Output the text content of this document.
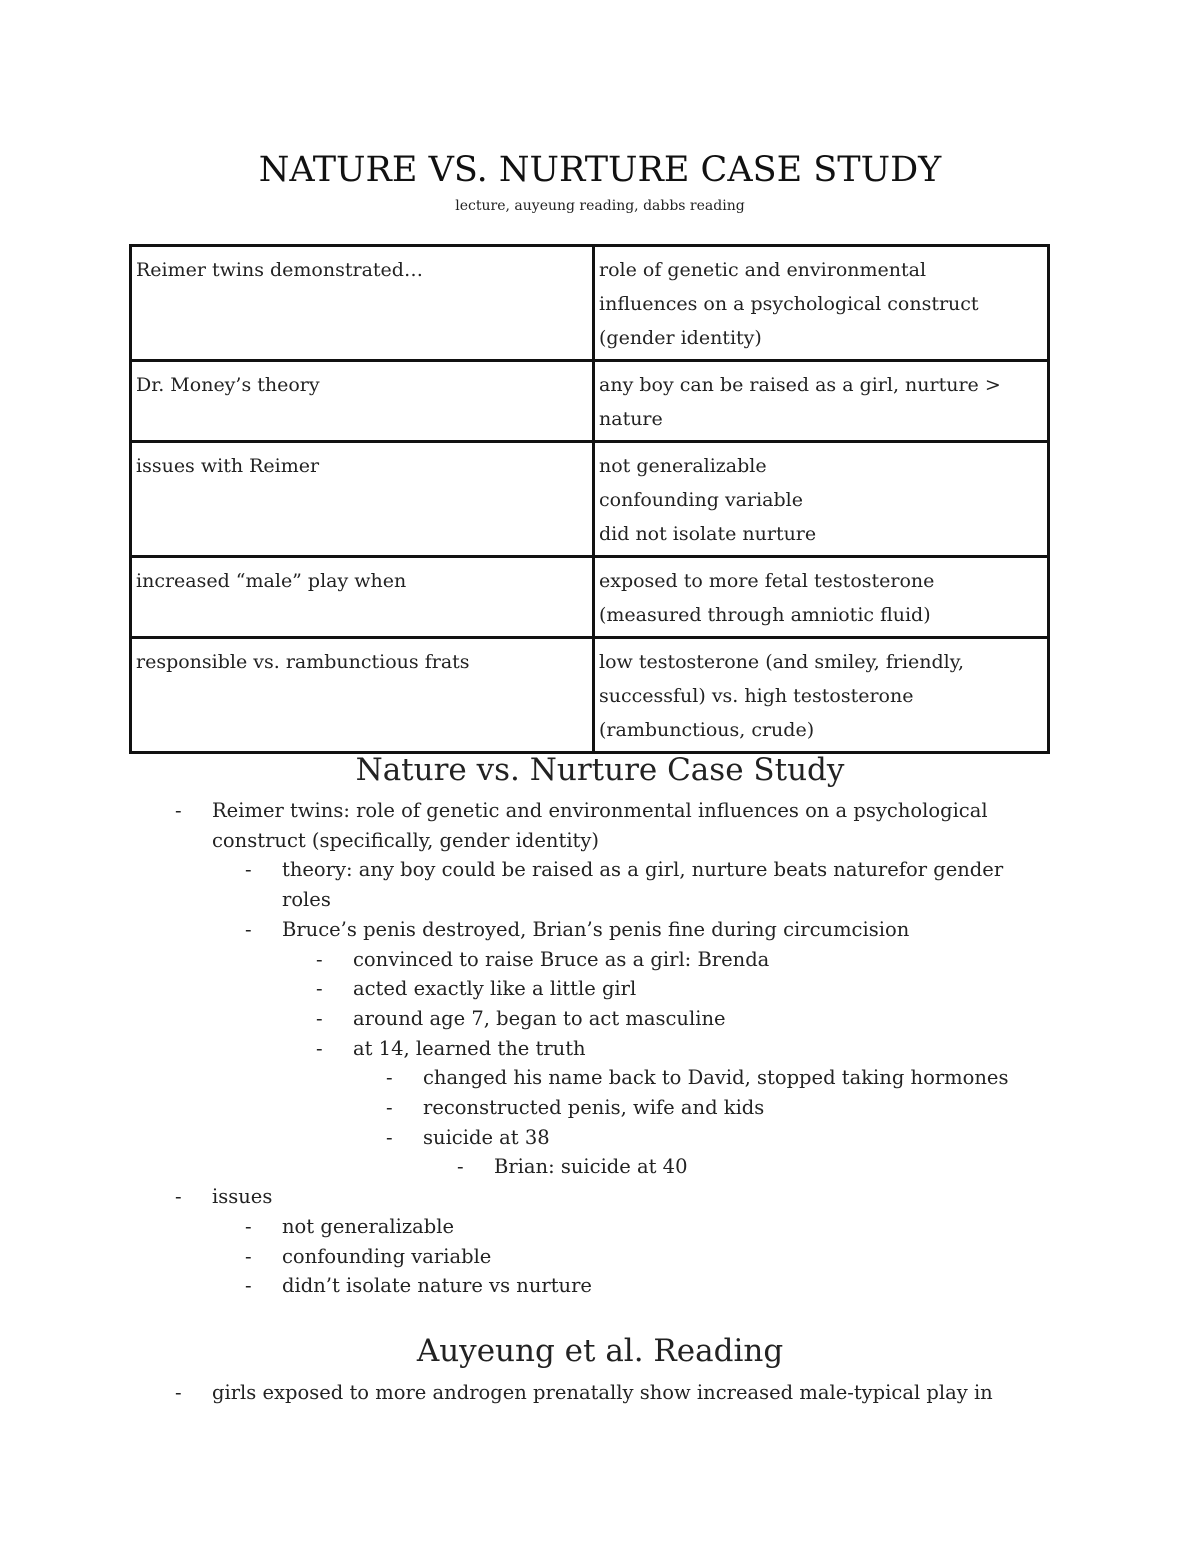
NATURE VS. NURTURE CASE STUDY
lecture, auyeung reading, dabbs reading
Reimer twins demonstrated…	role of genetic and environmental
influences on a psychological construct
(gender identity)

Dr. Money’s theory	any boy can be raised as a girl, nurture >
nature

issues with Reimer	not generalizable
confounding variable
did not isolate nurture

increased “male” play when	exposed to more fetal testosterone
(measured through amniotic fluid)

responsible vs. rambunctious frats	low testosterone (and smiley, friendly,
successful) vs. high testosterone
(rambunctious, crude)
Nature vs. Nurture Case Study
- Reimer twins: role of genetic and environmental influences on a psychological construct (specifically, gender identity)
- theory: any boy could be raised as a girl, nurture beats naturefor gender roles
- Bruce’s penis destroyed, Brian’s penis fine during circumcision
- convinced to raise Bruce as a girl: Brenda
- acted exactly like a little girl
- around age 7, began to act masculine
- at 14, learned the truth
- changed his name back to David, stopped taking hormones
- reconstructed penis, wife and kids
- suicide at 38
- Brian: suicide at 40
- issues
- not generalizable
- confounding variable
- didn’t isolate nature vs nurture
Auyeung et al. Reading
- girls exposed to more androgen prenatally show increased male-typical play in
